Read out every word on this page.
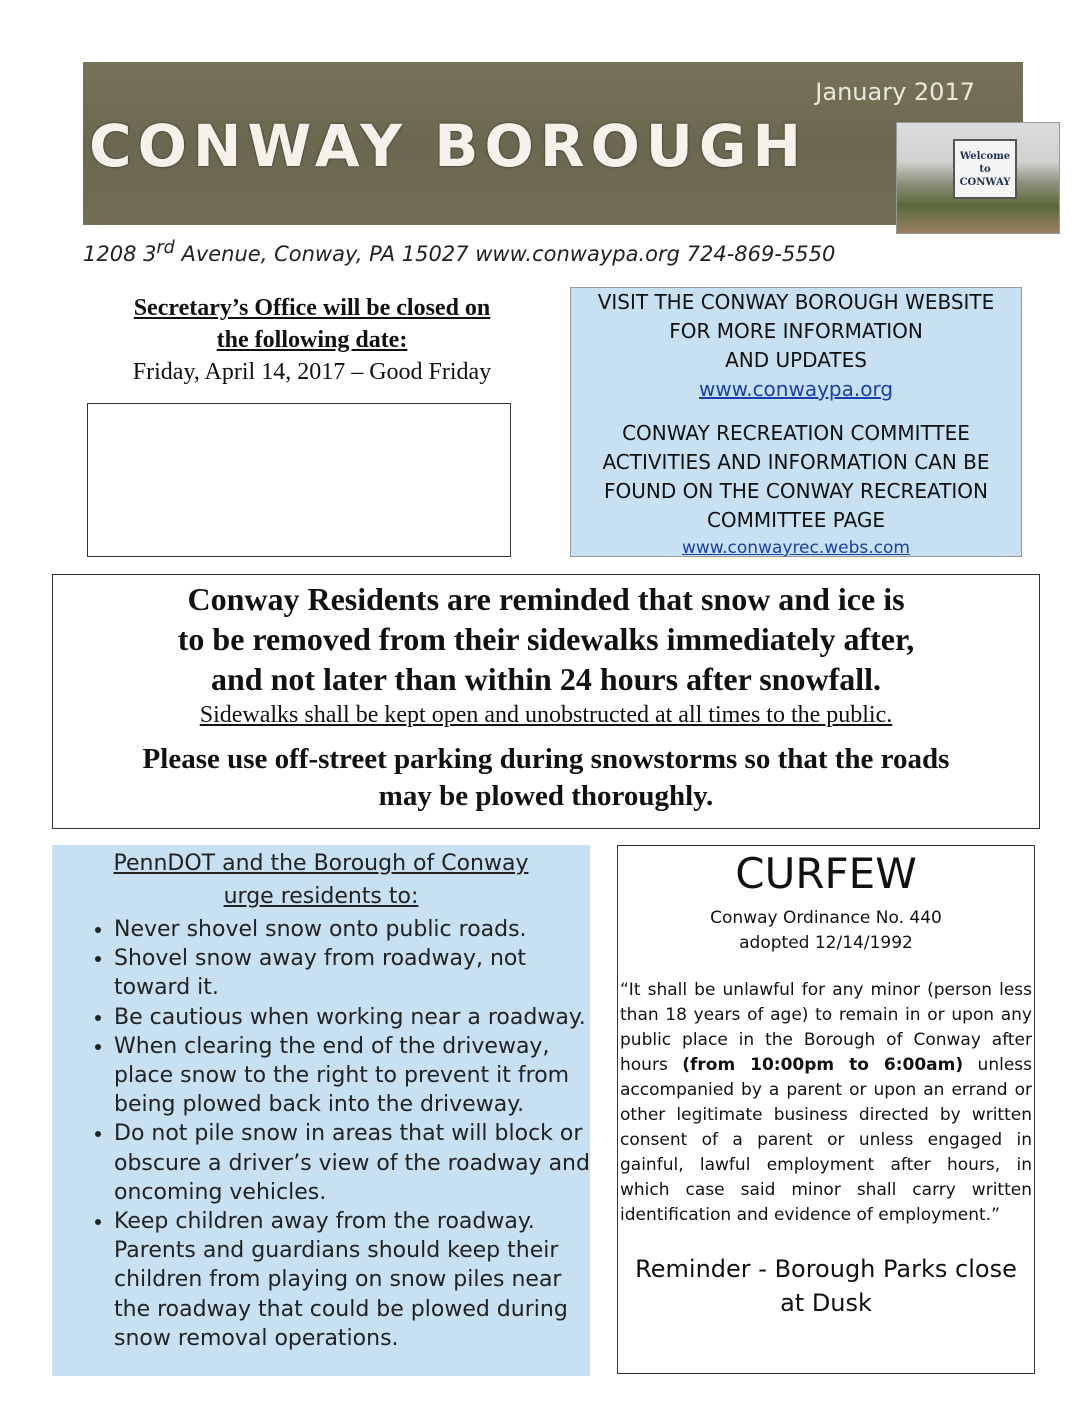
January 2017
CONWAY BOROUGH	Welcome to CONWAY
1208 3rd Avenue, Conway, PA 15027 www.conwaypa.org 724-869-5550
Secretary’s Office will be closed on
the following date:
Friday, April 14, 2017 – Good Friday
VISIT THE CONWAY BOROUGH WEBSITE
FOR MORE INFORMATION
AND UPDATES
www.conwaypa.org
CONWAY RECREATION COMMITTEE
ACTIVITIES AND INFORMATION CAN BE
FOUND ON THE CONWAY RECREATION
COMMITTEE PAGE
www.conwayrec.webs.com
Conway Residents are reminded that snow and ice is
to be removed from their sidewalks immediately after,
and not later than within 24 hours after snowfall.
Sidewalks shall be kept open and unobstructed at all times to the public.
Please use off-street parking during snowstorms so that the roads
may be plowed thoroughly.
PennDOT and the Borough of Conway
urge residents to:
• Never shovel snow onto public roads.
• Shovel snow away from roadway, not toward it.
• Be cautious when working near a roadway.
• When clearing the end of the driveway, place snow to the right to prevent it from being plowed back into the driveway.
• Do not pile snow in areas that will block or obscure a driver’s view of the roadway and oncoming vehicles.
• Keep children away from the roadway. Parents and guardians should keep their children from playing on snow piles near the roadway that could be plowed during snow removal operations.
CURFEW
Conway Ordinance No. 440
adopted 12/14/1992
“It shall be unlawful for any minor (person less than 18 years of age) to remain in or upon any public place in the Borough of Conway after hours (from 10:00pm to 6:00am) unless accompanied by a parent or upon an errand or other legitimate business directed by written consent of a parent or unless engaged in gainful, lawful employment after hours, in which case said minor shall carry written identification and evidence of employment.”
Reminder - Borough Parks close
at Dusk
